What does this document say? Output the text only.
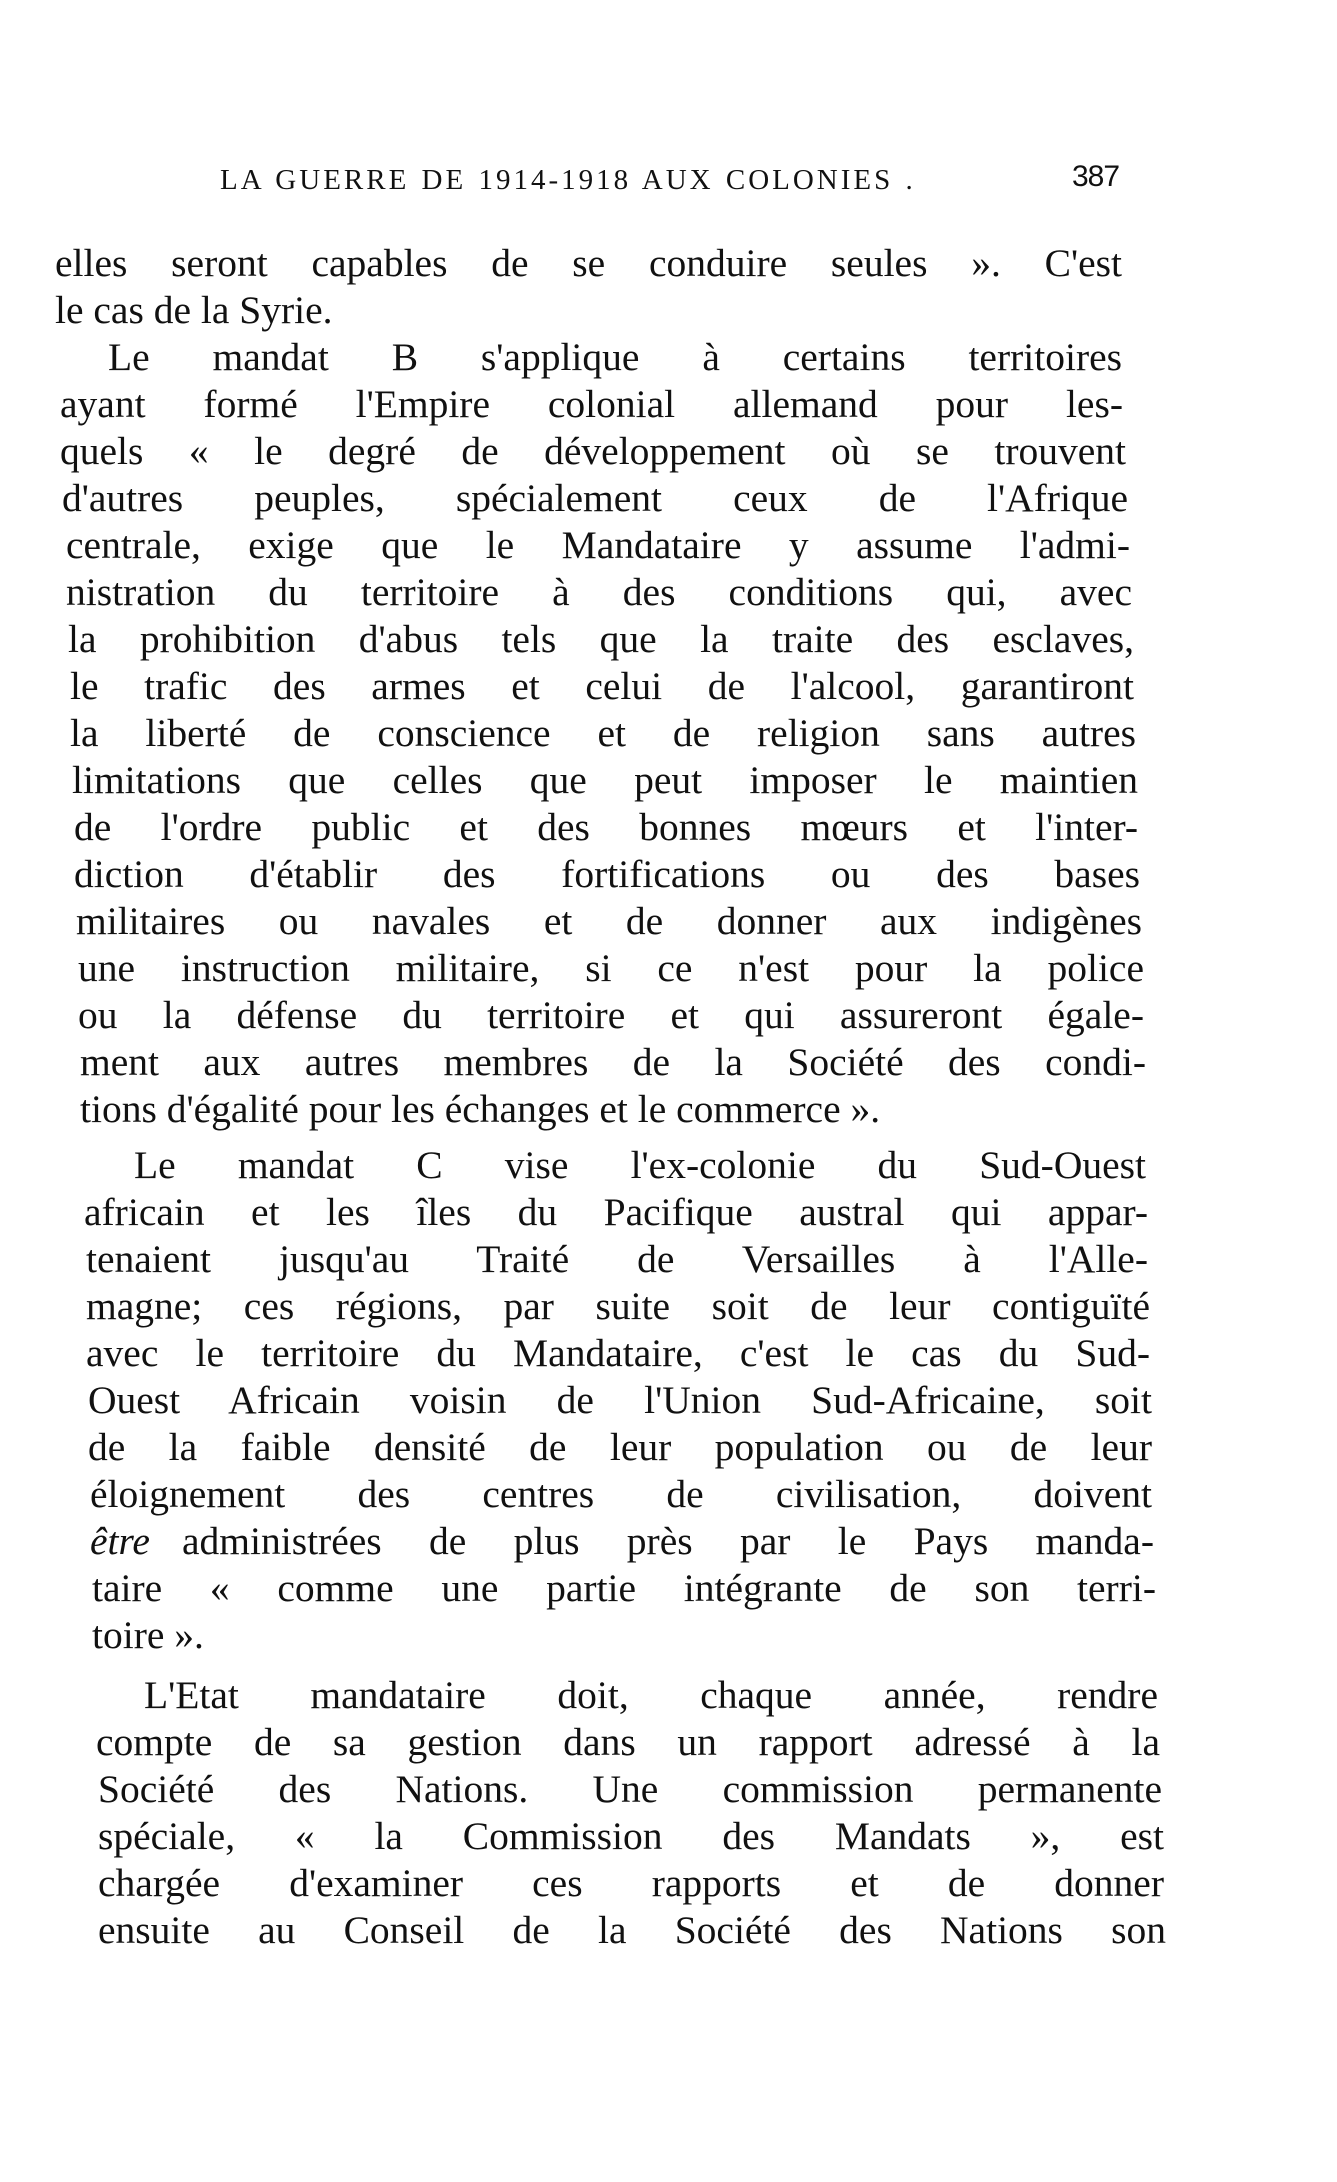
LA GUERRE DE 1914-1918 AUX COLONIES .	387
elles seront capables de se conduire seules ». C'est
le cas de la Syrie.
Le mandat B s'applique à certains territoires
ayant formé l'Empire colonial allemand pour les-
quels « le degré de développement où se trouvent
d'autres peuples, spécialement ceux de l'Afrique
centrale, exige que le Mandataire y assume l'admi-
nistration du territoire à des conditions qui, avec
la prohibition d'abus tels que la traite des esclaves,
le trafic des armes et celui de l'alcool, garantiront
la liberté de conscience et de religion sans autres
limitations que celles que peut imposer le maintien
de l'ordre public et des bonnes mœurs et l'inter-
diction d'établir des fortifications ou des bases
militaires ou navales et de donner aux indigènes
une instruction militaire, si ce n'est pour la police
ou la défense du territoire et qui assureront égale-
ment aux autres membres de la Société des condi-
tions d'égalité pour les échanges et le commerce ».
Le mandat C vise l'ex-colonie du Sud-Ouest
africain et les îles du Pacifique austral qui appar-
tenaient jusqu'au Traité de Versailles à l'Alle-
magne; ces régions, par suite soit de leur contiguïté
avec le territoire du Mandataire, c'est le cas du Sud-
Ouest Africain voisin de l'Union Sud-Africaine, soit
de la faible densité de leur population ou de leur
éloignement des centres de civilisation, doivent
être administrées de plus près par le Pays manda-
taire « comme une partie intégrante de son terri-
toire ».
L'Etat mandataire doit, chaque année, rendre
compte de sa gestion dans un rapport adressé à la
Société des Nations. Une commission permanente
spéciale, « la Commission des Mandats », est
chargée d'examiner ces rapports et de donner
ensuite au Conseil de la Société des Nations son
